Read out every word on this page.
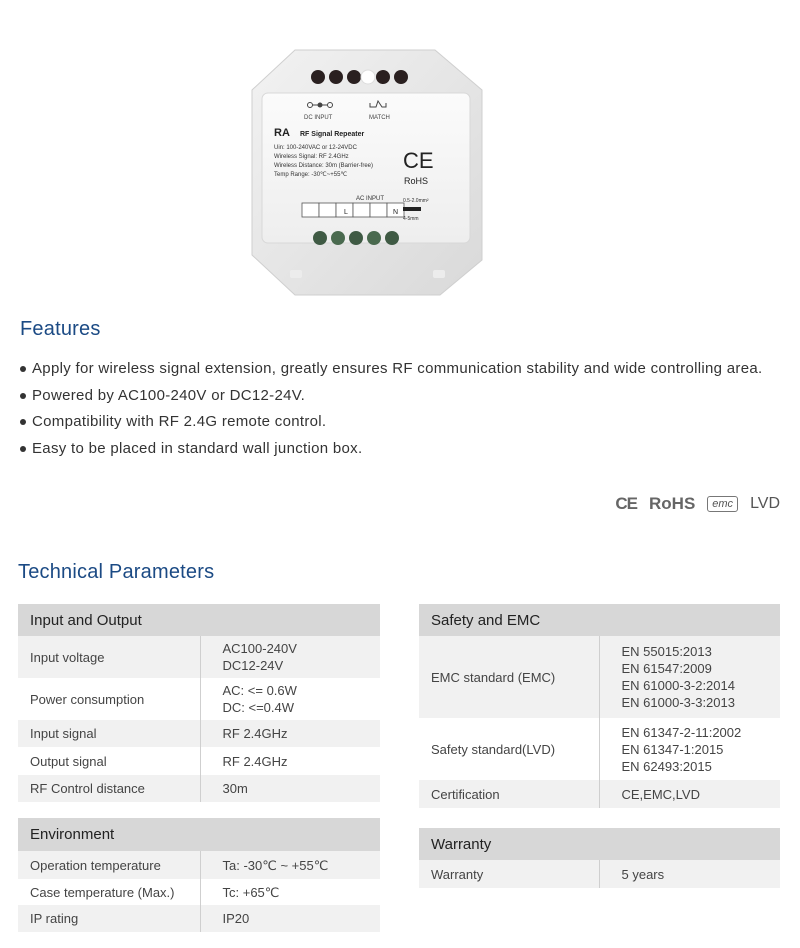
DC INPUT	MATCH
RA RF Signal Repeater
Uin: 100-240VAC or 12-24VDC
Wireless Signal: RF 2.4GHz
Wireless Distance: 30m (Barrier-free)
Temp Range: -30℃~+55℃
CE
RoHS
AC INPUT
L	N
0.5-2.0mm²
4-5mm
Features
Apply for wireless signal extension, greatly ensures RF communication stability and wide controlling area.
Powered by AC100-240V or DC12-24V.
Compatibility with RF 2.4G remote control.
Easy to be placed in standard wall junction box.
CE RoHS	emc	LVD
Technical Parameters
Input and Output	
Input voltage	AC100-240V
DC12-24V

Power consumption	AC: <= 0.6W
DC: <=0.4W

Input signal	RF 2.4GHz
Output signal	RF 2.4GHz
RF Control distance	30m
Environment	
Operation temperature	Ta: -30℃ ~ +55℃
Case temperature (Max.)	Tc: +65℃
IP rating	IP20
Safety and EMC	
EMC standard (EMC)	EN 55015:2013
EN 61547:2009
EN 61000-3-2:2014
EN 61000-3-3:2013

Safety standard(LVD)	EN 61347-2-11:2002
EN 61347-1:2015
EN 62493:2015

Certification	CE,EMC,LVD
Warranty
Warranty	5 years
